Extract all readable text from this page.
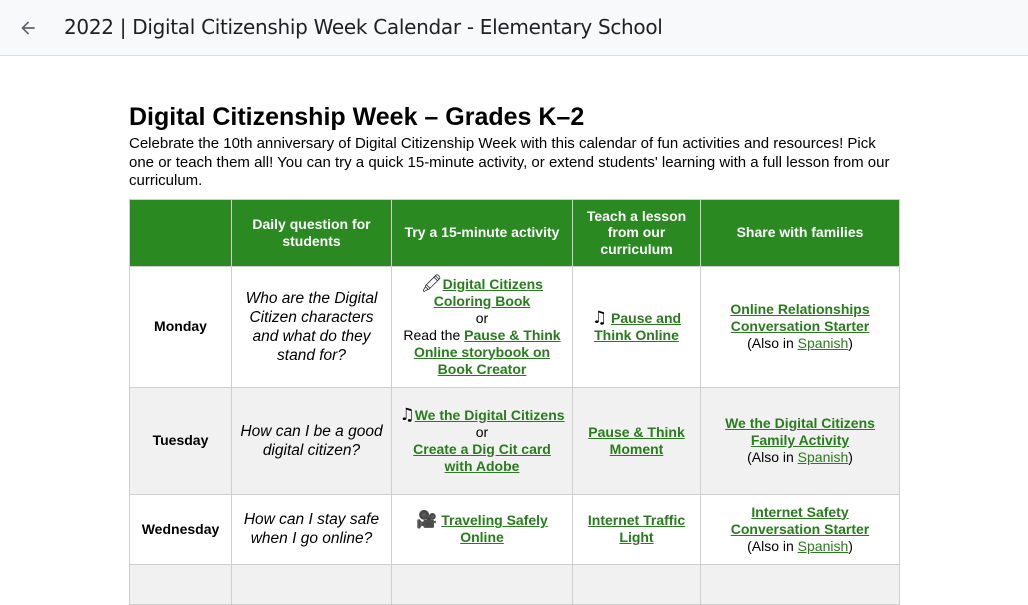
2022 | Digital Citizenship Week Calendar - Elementary School
Digital Citizenship Week – Grades K–2

Celebrate the 10th anniversary of Digital Citizenship Week with this calendar of fun activities and resources! Pick one or teach them all! You can try a quick 15-minute activity, or extend students' learning with a full lesson from our curriculum.

	Daily question for students	Try a 15-minute activity	Teach a lesson from our curriculum	Share with families
Monday	Who are the Digital Citizen characters and what do they stand for?	🖍Digital Citizens Coloring Book
or
Read the Pause & Think Online storybook on Book Creator	♫ Pause and Think Online	Online Relationships Conversation Starter
(Also in Spanish)

Tuesday	How can I be a good digital citizen?	♫We the Digital Citizens
or
Create a Dig Cit card with Adobe	Pause & Think Moment	We the Digital Citizens Family Activity
(Also in Spanish)

Wednesday	How can I stay safe when I go online?	🎥 Traveling Safely Online	Internet Traffic Light	Internet Safety Conversation Starter
(Also in Spanish)
